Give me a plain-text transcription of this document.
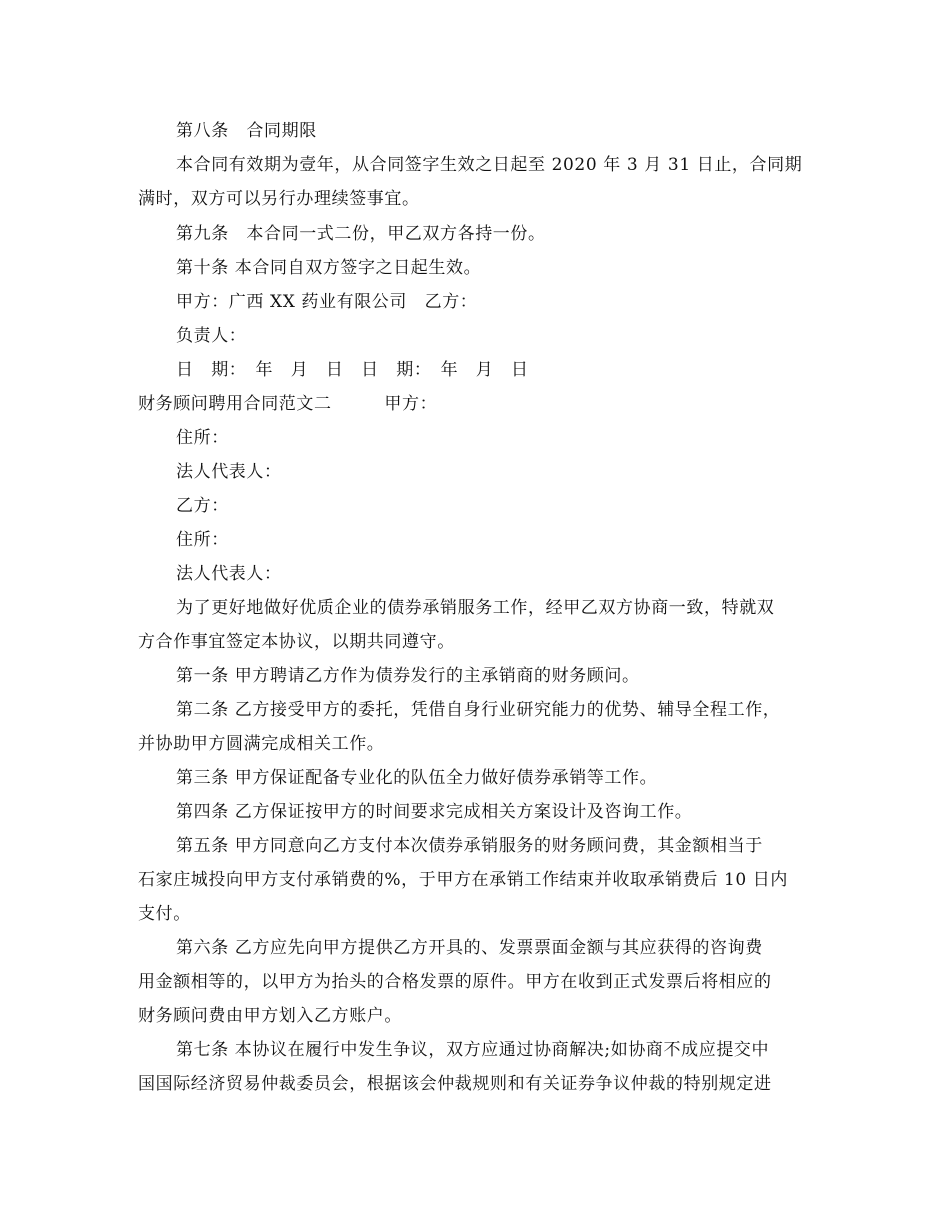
第八条　合同期限
本合同有效期为壹年，从合同签字生效之日起至 2020 年 3 月 31 日止，合同期
满时，双方可以另行办理续签事宜。
第九条　本合同一式二份，甲乙双方各持一份。
第十条 本合同自双方签字之日起生效。
甲方：广西 XX 药业有限公司　乙方：
负责人：
日　期：　年　月　日　日　期：　年　月　日
财务顾问聘用合同范文二　　　甲方：
住所：
法人代表人：
乙方：
住所：
法人代表人：
为了更好地做好优质企业的债券承销服务工作，经甲乙双方协商一致，特就双
方合作事宜签定本协议，以期共同遵守。
第一条 甲方聘请乙方作为债券发行的主承销商的财务顾问。
第二条 乙方接受甲方的委托，凭借自身行业研究能力的优势、辅导全程工作，
并协助甲方圆满完成相关工作。
第三条 甲方保证配备专业化的队伍全力做好债券承销等工作。
第四条 乙方保证按甲方的时间要求完成相关方案设计及咨询工作。
第五条 甲方同意向乙方支付本次债券承销服务的财务顾问费，其金额相当于
石家庄城投向甲方支付承销费的%，于甲方在承销工作结束并收取承销费后 10 日内
支付。
第六条 乙方应先向甲方提供乙方开具的、发票票面金额与其应获得的咨询费
用金额相等的，以甲方为抬头的合格发票的原件。甲方在收到正式发票后将相应的
财务顾问费由甲方划入乙方账户。
第七条 本协议在履行中发生争议，双方应通过协商解决;如协商不成应提交中
国国际经济贸易仲裁委员会，根据该会仲裁规则和有关证券争议仲裁的特别规定进
